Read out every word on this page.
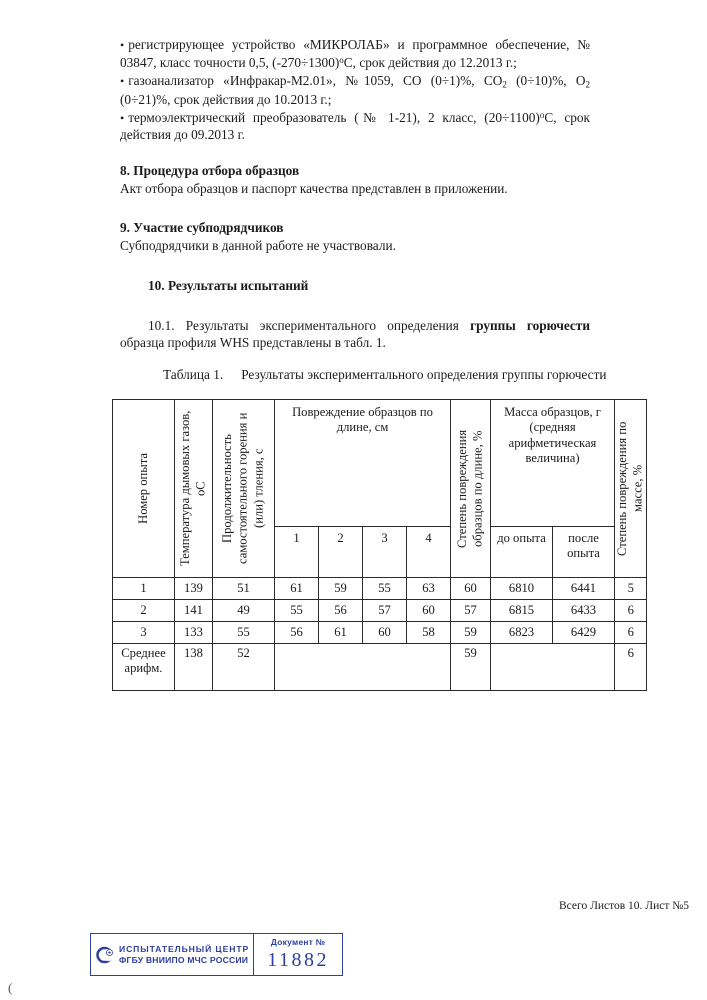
• регистрирующее устройство «МИКРОЛАБ» и программное обеспечение, № 03847, класс точности 0,5, $(-270\div 1300)^оС$, срок действия до 12.2013 г.;

• газоанализатор «Инфракар-М2.01», №1059, СО (0÷1)%, $СО_2$ (0÷10)%, $О_2$ (0÷21)%, срок действия до 10.2013 г.;

• термоэлектрический преобразователь (№ 1-21), 2 класс, $(20\div 1100)^оС$, срок действия до 09.2013 г.

8. Процедура отбора образцов

Акт отбора образцов и паспорт качества представлен в приложении.

9. Участие субподрядчиков

Субподрядчики в данной работе не участвовали.

10. Результаты испытаний

10.1. Результаты экспериментального определения группы горючести образца профиля WHS представлены в табл. 1.

Таблица 1. Результаты экспериментального определения группы горючести
Номер опыта	Температура дымовых газов, оС	Продолжительность самостоятельного горения и (или) тления, с	Повреждение образцов по длине, см				Степень повреждения образцов по длине, %	Масса образцов, г (средняя арифметическая величина)		Степень повреждения по массе, %

			1	2	3	4		до опыта	после опыта	
1	139	51	61	59	55	63	60	6810	6441	5
2	141	49	55	56	57	60	57	6815	6433	6
3	133	55	56	61	60	58	59	6823	6429	6
Среднее арифм.	138	52					59			6
Всего Листов 10. Лист №5
ИСПЫТАТЕЛЬНЫЙ ЦЕНТР
ФГБУ ВНИИПО МЧС РОССИИ
Документ №
11882
(
